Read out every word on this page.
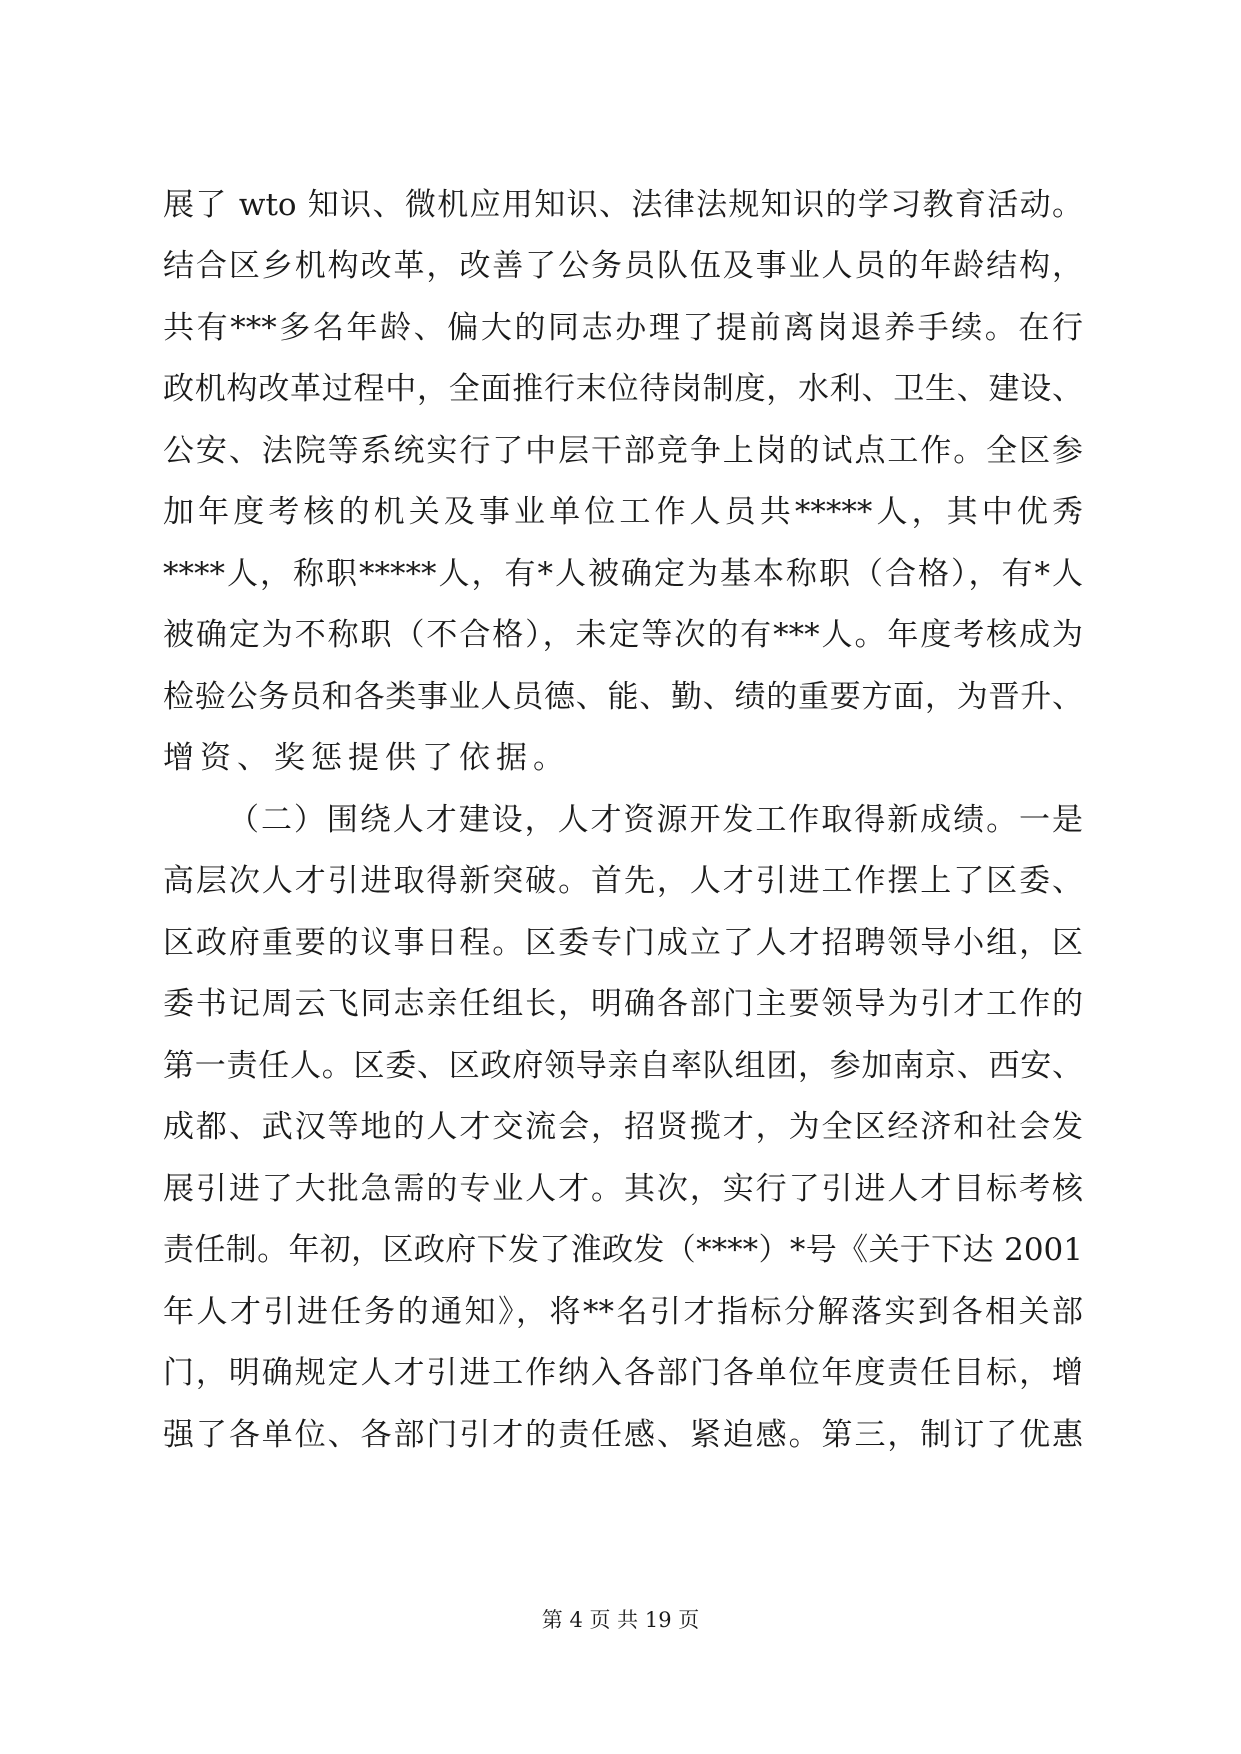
展了 wto 知识、微机应用知识、法律法规知识的学习教育活动。
结合区乡机构改革，改善了公务员队伍及事业人员的年龄结构，
共有***多名年龄、偏大的同志办理了提前离岗退养手续。在行
政机构改革过程中，全面推行末位待岗制度，水利、卫生、建设、
公安、法院等系统实行了中层干部竞争上岗的试点工作。全区参
加年度考核的机关及事业单位工作人员共*****人，其中优秀
****人，称职*****人，有*人被确定为基本称职（合格），有*人
被确定为不称职（不合格），未定等次的有***人。年度考核成为
检验公务员和各类事业人员德、能、勤、绩的重要方面，为晋升、
增资、奖惩提供了依据。
（二）围绕人才建设，人才资源开发工作取得新成绩。一是
高层次人才引进取得新突破。首先，人才引进工作摆上了区委、
区政府重要的议事日程。区委专门成立了人才招聘领导小组，区
委书记周云飞同志亲任组长，明确各部门主要领导为引才工作的
第一责任人。区委、区政府领导亲自率队组团，参加南京、西安、
成都、武汉等地的人才交流会，招贤揽才，为全区经济和社会发
展引进了大批急需的专业人才。其次，实行了引进人才目标考核
责任制。年初，区政府下发了淮政发（****）*号《关于下达 2001
年人才引进任务的通知》，将**名引才指标分解落实到各相关部
门，明确规定人才引进工作纳入各部门各单位年度责任目标，增
强了各单位、各部门引才的责任感、紧迫感。第三，制订了优惠
第 4 页 共 19 页
